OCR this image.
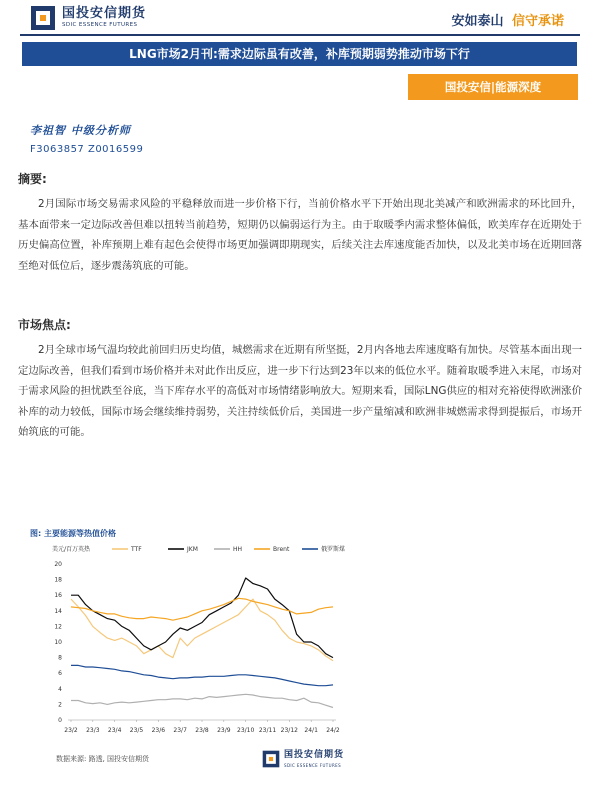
国投安信期货
SDIC ESSENCE FUTURES	安如泰山 信守承诺
LNG市场2月刊:需求边际虽有改善，补库预期弱势推动市场下行
国投安信|能源深度
李祖智 中级分析师
F3063857 Z0016599
摘要:

2月国际市场交易需求风险的平稳释放而进一步价格下行，当前价格水平下开始出现北美减产和欧洲需求的环比回升，基本面带来一定边际改善但难以扭转当前趋势，短期仍以偏弱运行为主。由于取暖季内需求整体偏低，欧美库存在近期处于历史偏高位置，补库预期上难有起色会使得市场更加强调即期现实，后续关注去库速度能否加快，以及北美市场在近期回落至绝对低位后，逐步震荡筑底的可能。

市场焦点:

2月全球市场气温均较此前回归历史均值，城燃需求在近期有所坚挺，2月内各地去库速度略有加快。尽管基本面出现一定边际改善，但我们看到市场价格并未对此作出反应，进一步下行达到23年以来的低位水平。随着取暖季进入末尾，市场对于需求风险的担忧跌至谷底，当下库存水平的高低对市场情绪影响放大。短期来看，国际LNG供应的相对充裕使得欧洲涨价补库的动力较低，国际市场会继续维持弱势，关注持续低价后，美国进一步产量缩减和欧洲非城燃需求得到提振后，市场开始筑底的可能。

图: 主要能源等热值价格
美元/百万英热	TTF	JKM	HH	Brent	俄罗斯煤
0
2
4
6
8
10
12
14
16
18
20
23/2 23/3 23/4 23/5 23/6 23/7 23/8 23/9 23/10 23/11 23/12 24/1 24/2
数据来源: 路透, 国投安信期货	国投安信期货
SDIC ESSENCE FUTURES
